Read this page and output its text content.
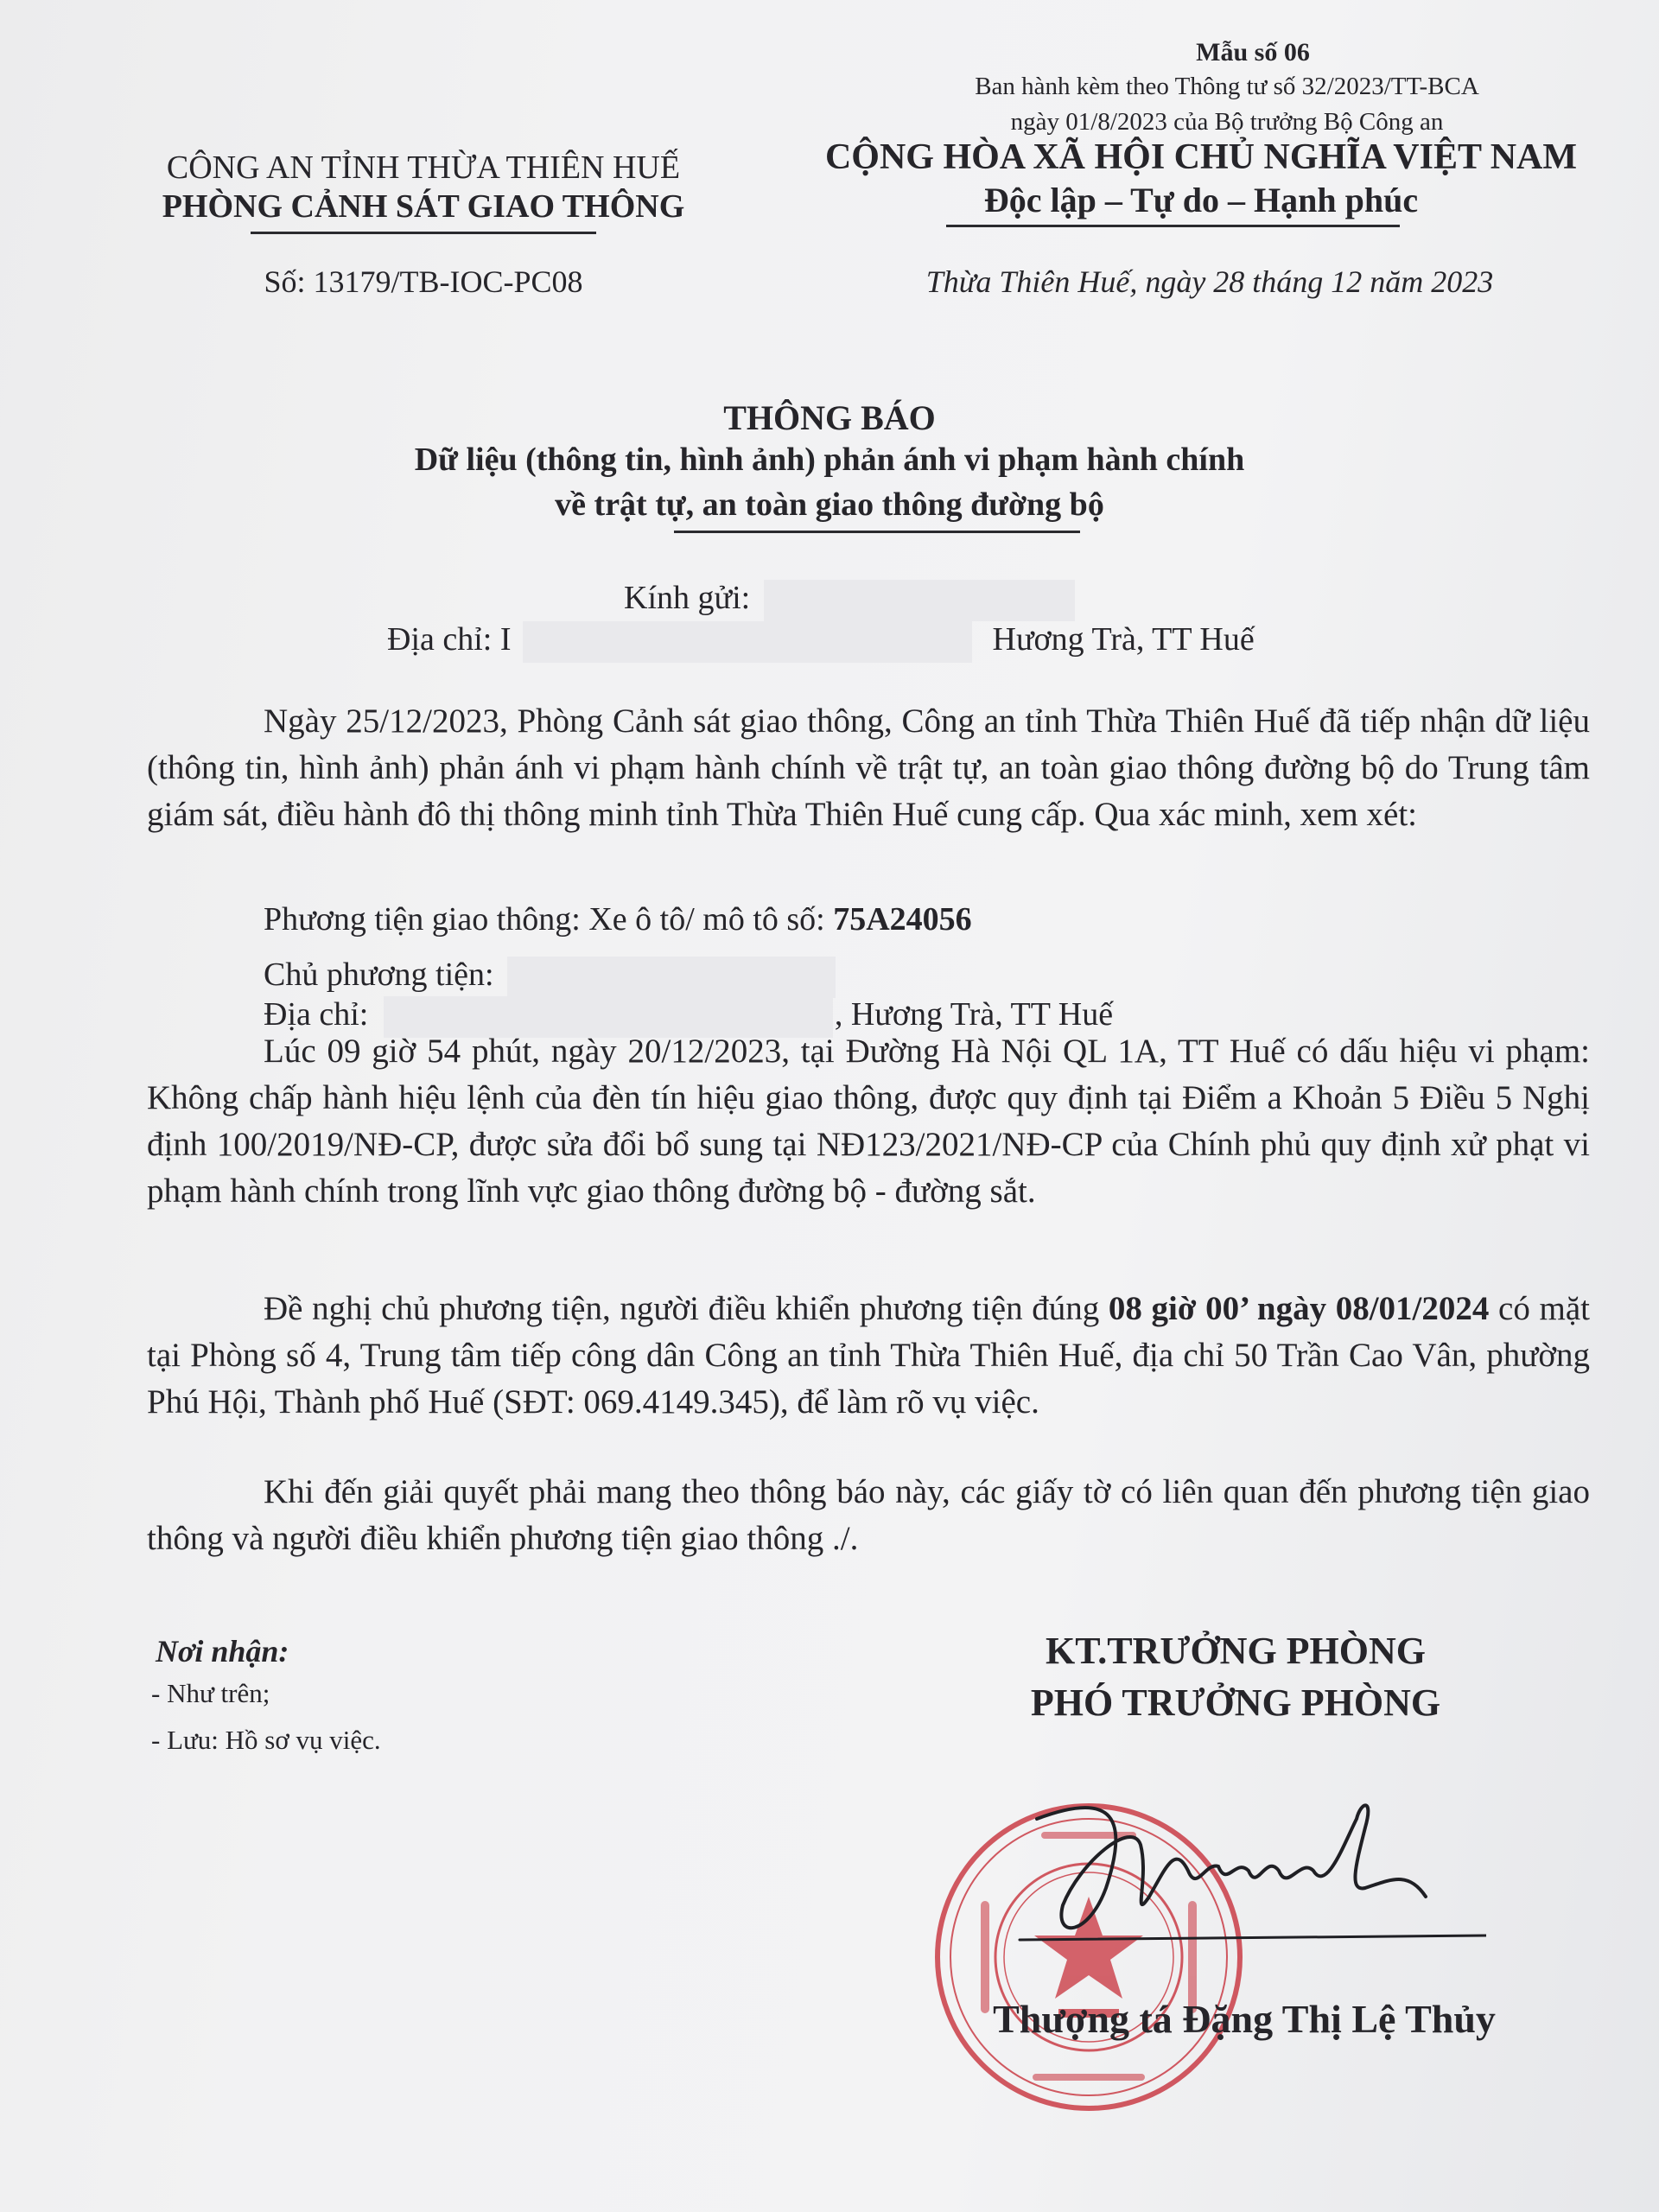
Mẫu số 06
Ban hành kèm theo Thông tư số 32/2023/TT-BCA
ngày 01/8/2023 của Bộ trưởng Bộ Công an
CÔNG AN TỈNH THỪA THIÊN HUẾ
PHÒNG CẢNH SÁT GIAO THÔNG
CỘNG HÒA XÃ HỘI CHỦ NGHĨA VIỆT NAM
Độc lập – Tự do – Hạnh phúc
Số: 13179/TB-IOC-PC08	Thừa Thiên Huế, ngày 28 tháng 12 năm 2023
THÔNG BÁO
Dữ liệu (thông tin, hình ảnh) phản ánh vi phạm hành chính
về trật tự, an toàn giao thông đường bộ
Kính gửi:
Địa chỉ: I	Hương Trà, TT Huế
Ngày 25/12/2023, Phòng Cảnh sát giao thông, Công an tỉnh Thừa Thiên Huế đã tiếp nhận dữ liệu (thông tin, hình ảnh) phản ánh vi phạm hành chính về trật tự, an toàn giao thông đường bộ do Trung tâm giám sát, điều hành đô thị thông minh tỉnh Thừa Thiên Huế cung cấp. Qua xác minh, xem xét:
Phương tiện giao thông: Xe ô tô/ mô tô số: 75A24056
Chủ phương tiện:
Địa chỉ:	, Hương Trà, TT Huế
Lúc 09 giờ 54 phút, ngày 20/12/2023, tại Đường Hà Nội QL 1A, TT Huế có dấu hiệu vi phạm: Không chấp hành hiệu lệnh của đèn tín hiệu giao thông, được quy định tại Điểm a Khoản 5 Điều 5 Nghị định 100/2019/NĐ-CP, được sửa đổi bổ sung tại NĐ123/2021/NĐ-CP của Chính phủ quy định xử phạt vi phạm hành chính trong lĩnh vực giao thông đường bộ - đường sắt.
Đề nghị chủ phương tiện, người điều khiển phương tiện đúng 08 giờ 00’ ngày 08/01/2024 có mặt tại Phòng số 4, Trung tâm tiếp công dân Công an tỉnh Thừa Thiên Huế, địa chỉ 50 Trần Cao Vân, phường Phú Hội, Thành phố Huế (SĐT: 069.4149.345), để làm rõ vụ việc.
Khi đến giải quyết phải mang theo thông báo này, các giấy tờ có liên quan đến phương tiện giao thông và người điều khiển phương tiện giao thông ./.
Nơi nhận:
- Như trên;
- Lưu: Hồ sơ vụ việc.
KT.TRƯỞNG PHÒNG
PHÓ TRƯỞNG PHÒNG
Thượng tá Đặng Thị Lệ Thủy
